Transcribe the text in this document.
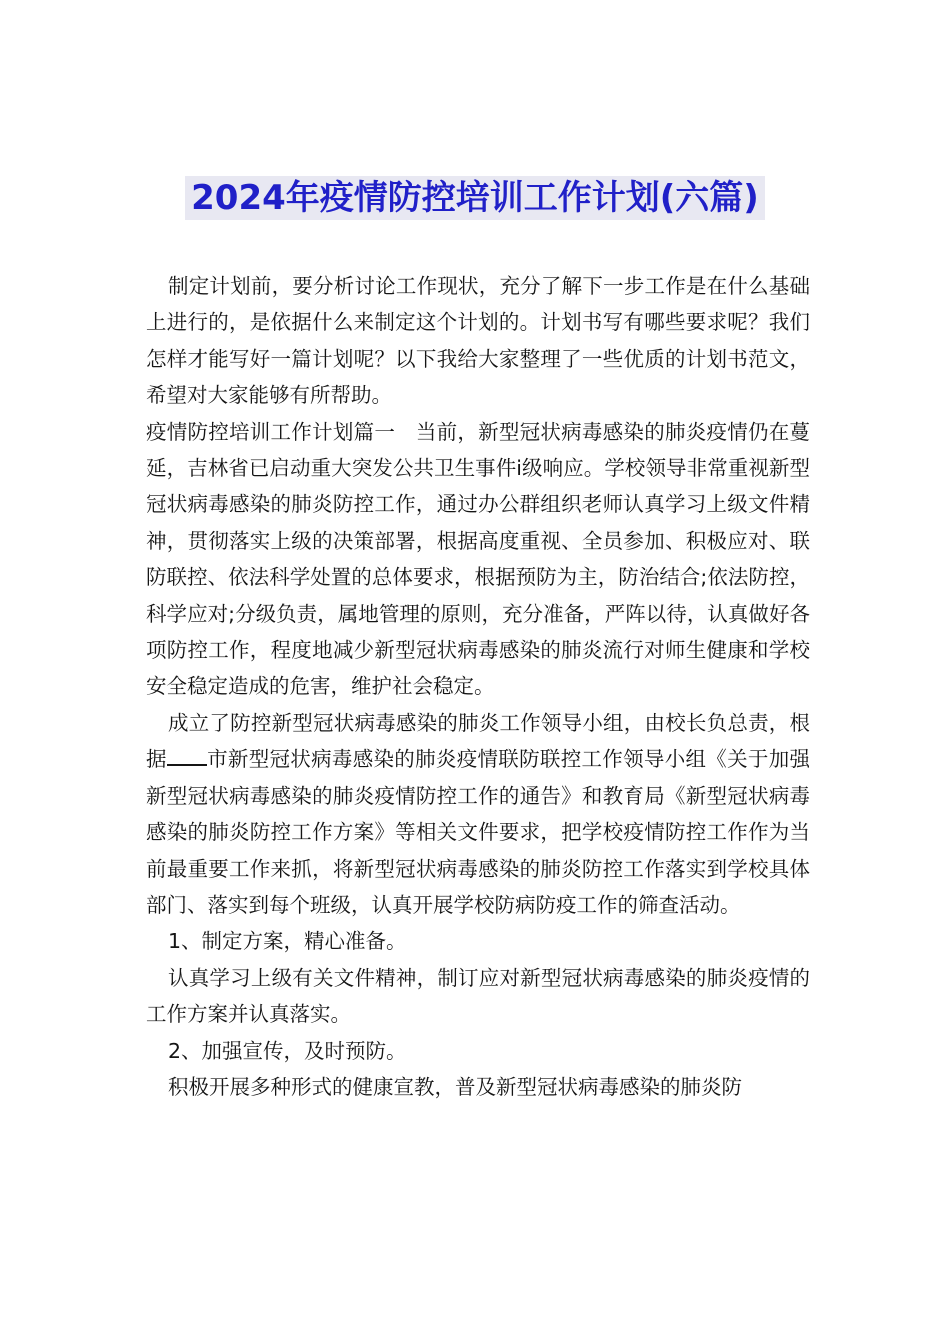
2024年疫情防控培训工作计划(六篇)

制定计划前，要分析讨论工作现状，充分了解下一步工作是在什么基础上进行的，是依据什么来制定这个计划的。计划书写有哪些要求呢？我们怎样才能写好一篇计划呢？以下我给大家整理了一些优质的计划书范文，希望对大家能够有所帮助。

疫情防控培训工作计划篇一　当前，新型冠状病毒感染的肺炎疫情仍在蔓延，吉林省已启动重大突发公共卫生事件i级响应。学校领导非常重视新型冠状病毒感染的肺炎防控工作，通过办公群组织老师认真学习上级文件精神，贯彻落实上级的决策部署，根据高度重视、全员参加、积极应对、联防联控、依法科学处置的总体要求，根据预防为主，防治结合;依法防控，科学应对;分级负责，属地管理的原则，充分准备，严阵以待，认真做好各项防控工作，程度地减少新型冠状病毒感染的肺炎流行对师生健康和学校安全稳定造成的危害，维护社会稳定。

成立了防控新型冠状病毒感染的肺炎工作领导小组，由校长负总责，根据 市新型冠状病毒感染的肺炎疫情联防联控工作领导小组《关于加强新型冠状病毒感染的肺炎疫情防控工作的通告》和教育局《新型冠状病毒感染的肺炎防控工作方案》等相关文件要求，把学校疫情防控工作作为当前最重要工作来抓，将新型冠状病毒感染的肺炎防控工作落实到学校具体部门、落实到每个班级，认真开展学校防病防疫工作的筛查活动。

1、制定方案，精心准备。

认真学习上级有关文件精神，制订应对新型冠状病毒感染的肺炎疫情的工作方案并认真落实。

2、加强宣传，及时预防。

积极开展多种形式的健康宣教，普及新型冠状病毒感染的肺炎防
